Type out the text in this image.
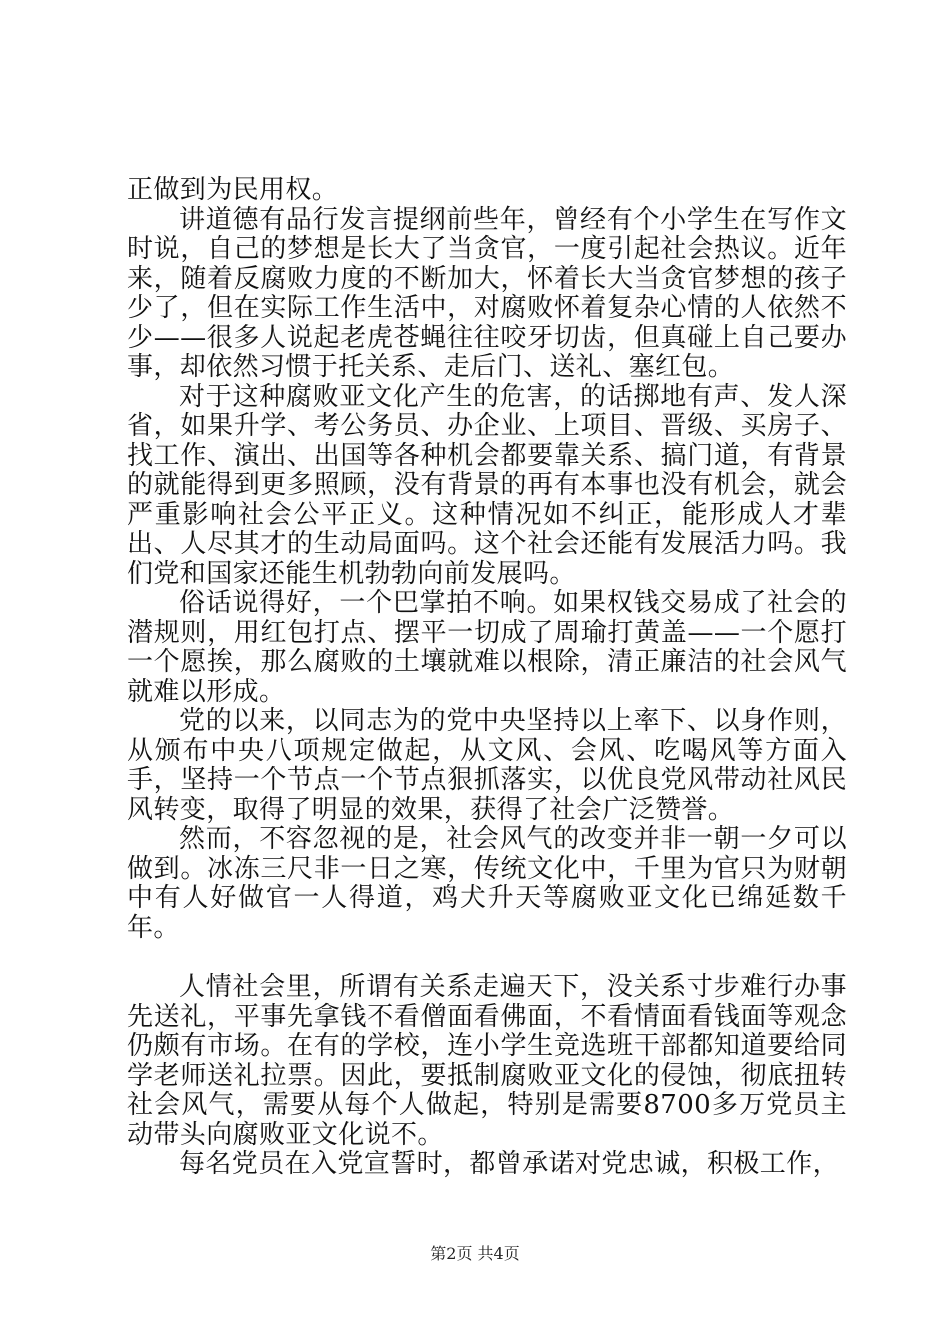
正做到为民用权。

讲道德有品行发言提纲前些年，曾经有个小学生在写作文时说，自己的梦想是长大了当贪官，一度引起社会热议。近年来，随着反腐败力度的不断加大，怀着长大当贪官梦想的孩子少了，但在实际工作生活中，对腐败怀着复杂心情的人依然不少——很多人说起老虎苍蝇往往咬牙切齿，但真碰上自己要办事，却依然习惯于托关系、走后门、送礼、塞红包。

对于这种腐败亚文化产生的危害，的话掷地有声、发人深省，如果升学、考公务员、办企业、上项目、晋级、买房子、找工作、演出、出国等各种机会都要靠关系、搞门道，有背景的就能得到更多照顾，没有背景的再有本事也没有机会，就会严重影响社会公平正义。这种情况如不纠正，能形成人才辈出、人尽其才的生动局面吗。这个社会还能有发展活力吗。我们党和国家还能生机勃勃向前发展吗。

俗话说得好，一个巴掌拍不响。如果权钱交易成了社会的潜规则，用红包打点、摆平一切成了周瑜打黄盖——一个愿打一个愿挨，那么腐败的土壤就难以根除，清正廉洁的社会风气就难以形成。

党的以来，以同志为的党中央坚持以上率下、以身作则，从颁布中央八项规定做起，从文风、会风、吃喝风等方面入手，坚持一个节点一个节点狠抓落实，以优良党风带动社风民风转变，取得了明显的效果，获得了社会广泛赞誉。

然而，不容忽视的是，社会风气的改变并非一朝一夕可以做到。冰冻三尺非一日之寒，传统文化中，千里为官只为财朝中有人好做官一人得道，鸡犬升天等腐败亚文化已绵延数千年。

人情社会里，所谓有关系走遍天下，没关系寸步难行办事先送礼，平事先拿钱不看僧面看佛面，不看情面看钱面等观念仍颇有市场。在有的学校，连小学生竞选班干部都知道要给同学老师送礼拉票。因此，要抵制腐败亚文化的侵蚀，彻底扭转社会风气，需要从每个人做起，特别是需要8700多万党员主动带头向腐败亚文化说不。

每名党员在入党宣誓时，都曾承诺对党忠诚，积极工作，

第2页 共4页
